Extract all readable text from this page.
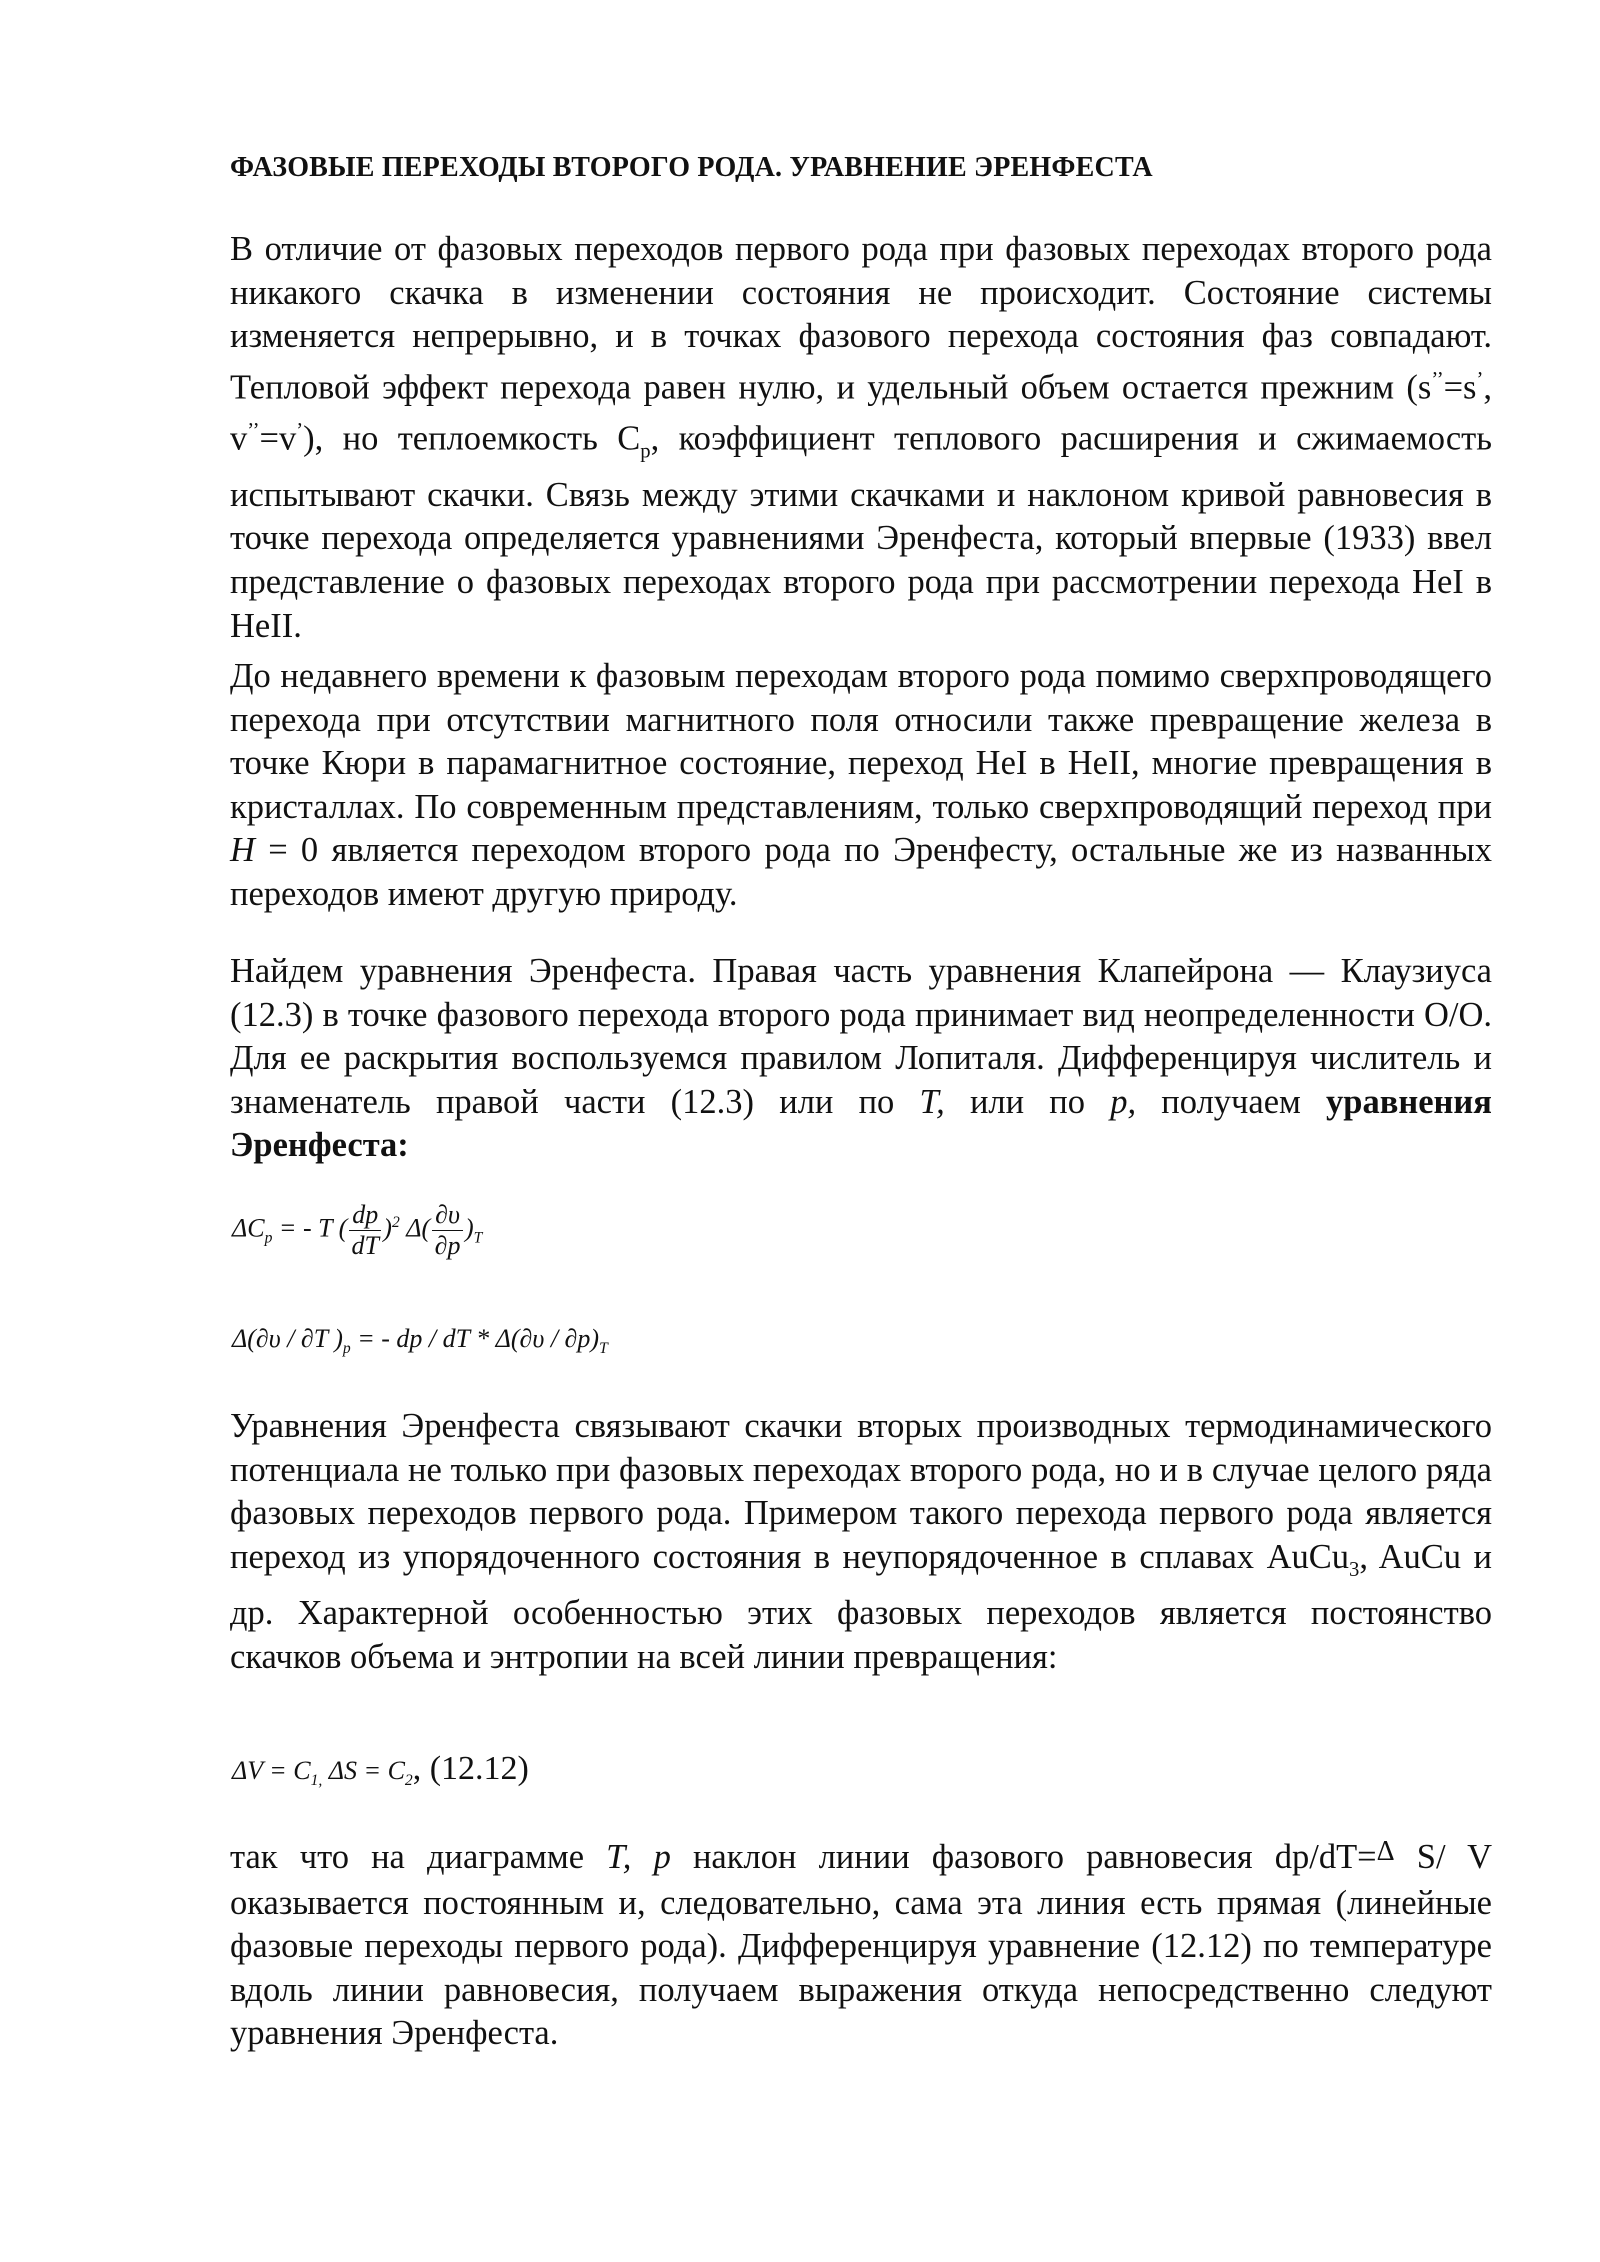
ФАЗОВЫЕ ПЕРЕХОДЫ ВТОРОГО РОДА. УРАВНЕНИЕ ЭРЕНФЕСТА

В отличие от фазовых переходов первого рода при фазовых переходах второго рода никакого скачка в изменении состояния не происходит. Состояние системы изменяется непрерывно, и в точках фазового перехода состояния фаз совпадают. Тепловой эффект перехода равен нулю, и удельный объем остается прежним (s’’=s’, v’’=v’), но теплоемкость $C_p$, коэффициент теплового расширения и сжимаемость испытывают скачки. Связь между этими скачками и наклоном кривой равновесия в точке перехода определяется уравнениями Эренфеста, который впервые (1933) ввел представление о фазовых переходах второго рода при рассмотрении перехода HeI в HeII.

До недавнего времени к фазовым переходам второго рода помимо сверхпроводящего перехода при отсутствии магнитного поля относили также превращение железа в точке Кюри в парамагнитное состояние, переход HeI в HeII, многие превращения в кристаллах. По современным представлениям, только сверхпроводящий переход при H = 0 является переходом второго рода по Эренфесту, остальные же из названных переходов имеют другую природу.

Найдем уравнения Эренфеста. Правая часть уравнения Клапейрона — Клаузиуса (12.3) в точке фазового перехода второго рода принимает вид неопределенности О/О. Для ее раскрытия воспользуемся правилом Лопиталя. Дифференцируя числитель и знаменатель правой части (12.3) или по T, или по p, получаем уравнения Эренфеста:

$\Delta C_p$ = - T ( $\frac{dp}{dT} )^2$ $\Delta( \frac{\partial\upsilon}{\partial p} )_T$
Δ(∂υ / ∂T )$_p$ = - dp / dT * $\Delta(\partial\upsilon / \partial p)_T$

Уравнения Эренфеста связывают скачки вторых производных термодинамического потенциала не только при фазовых переходах второго рода, но и в случае целого ряда фазовых переходов первого рода. Примером такого перехода первого рода является переход из упорядоченного состояния в неупорядоченное в сплавах AuCu$_3$, AuCu и др. Характерной особенностью этих фазовых переходов является постоянство скачков объема и энтропии на всей линии превращения:

$\Delta V = C_{1,}$ $\Delta S = C_2$, (12.12)

так что на диаграмме T, p наклон линии фазового равновесия dp/dT=$^\Delta$ S/ V оказывается постоянным и, следовательно, сама эта линия есть прямая (линейные фазовые переходы первого рода). Дифференцируя уравнение (12.12) по температуре вдоль линии равновесия, получаем выражения откуда непосредственно следуют уравнения Эренфеста.
